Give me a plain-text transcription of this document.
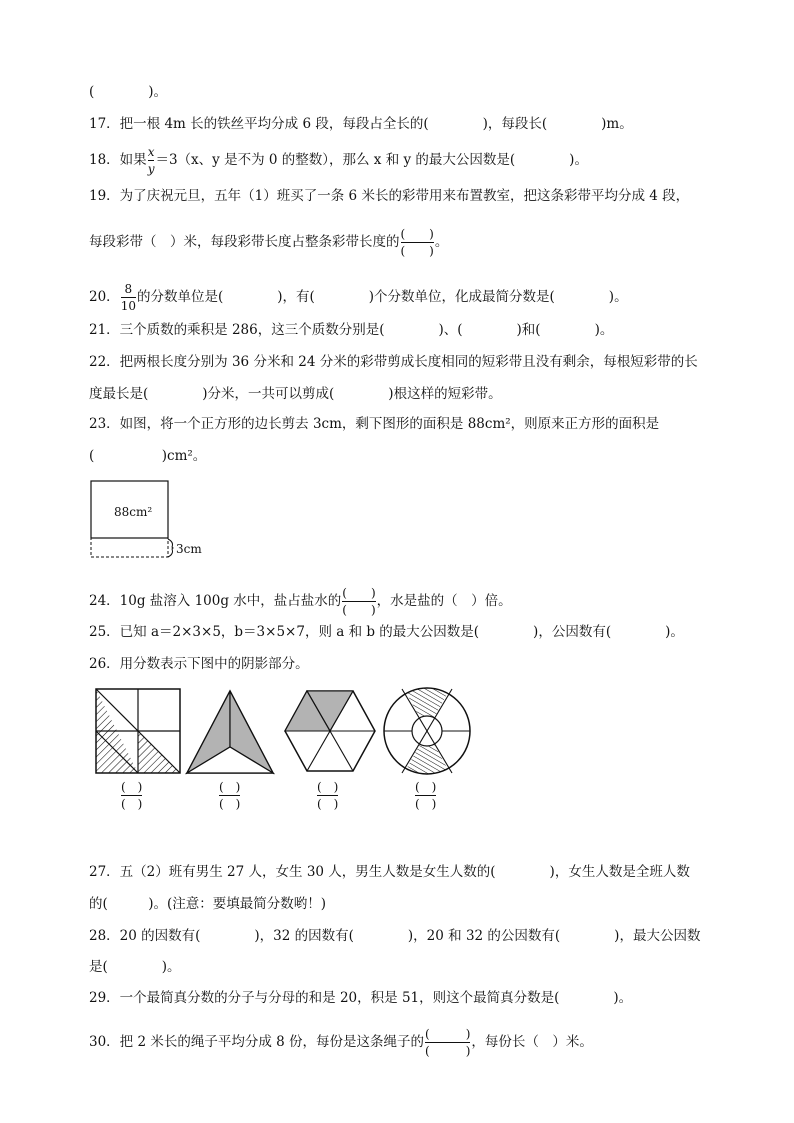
(　　　　)。
17．把一根 4m 长的铁丝平均分成 6 段，每段占全长的(　　　　)，每段长(　　　　)m。
18．如果 $\frac{x}{y} =3(x$、y 是不为 0 的整数），那么 x 和 y 的最大公因数是(　　　　)。
19．为了庆祝元旦，五年（1）班买了一条 6 米长的彩带用来布置教室，把这条彩带平均分成 4 段，
每段彩带（　）米，每段彩带长度占整条彩带长度的 $\frac{( )}{( )}$ 。
20． $\frac{8}{10}$ 的分数单位是(　　　　)，有(　　　　)个分数单位，化成最简分数是(　　　　)。
21．三个质数的乘积是 286，这三个质数分别是(　　　　)、(　　　　)和(　　　　)。
22．把两根长度分别为 36 分米和 24 分米的彩带剪成长度相同的短彩带且没有剩余，每根短彩带的长
度最长是(　　　　)分米，一共可以剪成(　　　　)根这样的短彩带。
23．如图，将一个正方形的边长剪去 3cm，剩下图形的面积是 88cm²，则原来正方形的面积是
(　　　　　)cm²。
88cm²
3cm
24．10g 盐溶入 100g 水中，盐占盐水的 $\frac{( )}{( )}$ ，水是盐的（　）倍。
25．已知 a＝2×3×5，b＝3×5×7，则 a 和 b 的最大公因数是(　　　　)，公因数有(　　　　)。
26．用分数表示下图中的阴影部分。
(　)
(　)
(　)
(　)
(　)
(　)
(　)
(　)
27．五（2）班有男生 27 人，女生 30 人，男生人数是女生人数的(　　　　)，女生人数是全班人数
的(　　　)。(注意：要填最简分数哟！)
28．20 的因数有(　　　　)，32 的因数有(　　　　)，20 和 32 的公因数有(　　　　)，最大公因数
是(　　　　)。
29．一个最简真分数的分子与分母的和是 20，积是 51，则这个最简真分数是(　　　　)。
30．把 2 米长的绳子平均分成 8 份，每份是这条绳子的 $\frac{( )}{( )}$ ，每份长（　）米。
